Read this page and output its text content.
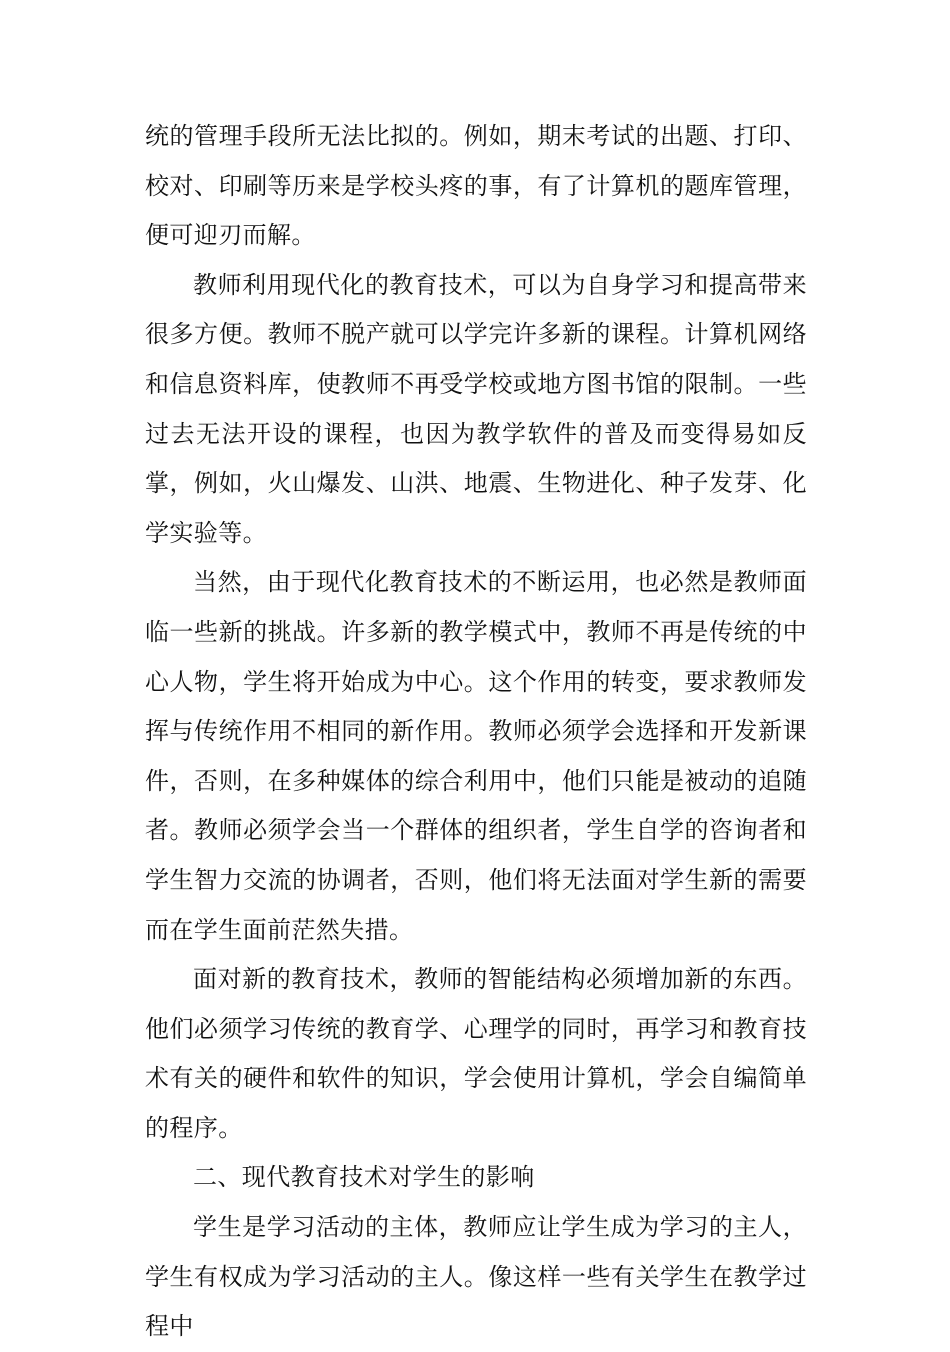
统的管理手段所无法比拟的。例如，期末考试的出题、打印、校对、印刷等历来是学校头疼的事，有了计算机的题库管理，便可迎刃而解。

教师利用现代化的教育技术，可以为自身学习和提高带来很多方便。教师不脱产就可以学完许多新的课程。计算机网络和信息资料库，使教师不再受学校或地方图书馆的限制。一些过去无法开设的课程，也因为教学软件的普及而变得易如反掌，例如，火山爆发、山洪、地震、生物进化、种子发芽、化学实验等。

当然，由于现代化教育技术的不断运用，也必然是教师面临一些新的挑战。许多新的教学模式中，教师不再是传统的中心人物，学生将开始成为中心。这个作用的转变，要求教师发挥与传统作用不相同的新作用。教师必须学会选择和开发新课件，否则，在多种媒体的综合利用中，他们只能是被动的追随者。教师必须学会当一个群体的组织者，学生自学的咨询者和学生智力交流的协调者，否则，他们将无法面对学生新的需要而在学生面前茫然失措。

面对新的教育技术，教师的智能结构必须增加新的东西。他们必须学习传统的教育学、心理学的同时，再学习和教育技术有关的硬件和软件的知识，学会使用计算机，学会自编简单的程序。

二、现代教育技术对学生的影响

学生是学习活动的主体，教师应让学生成为学习的主人，学生有权成为学习活动的主人。像这样一些有关学生在教学过程中
